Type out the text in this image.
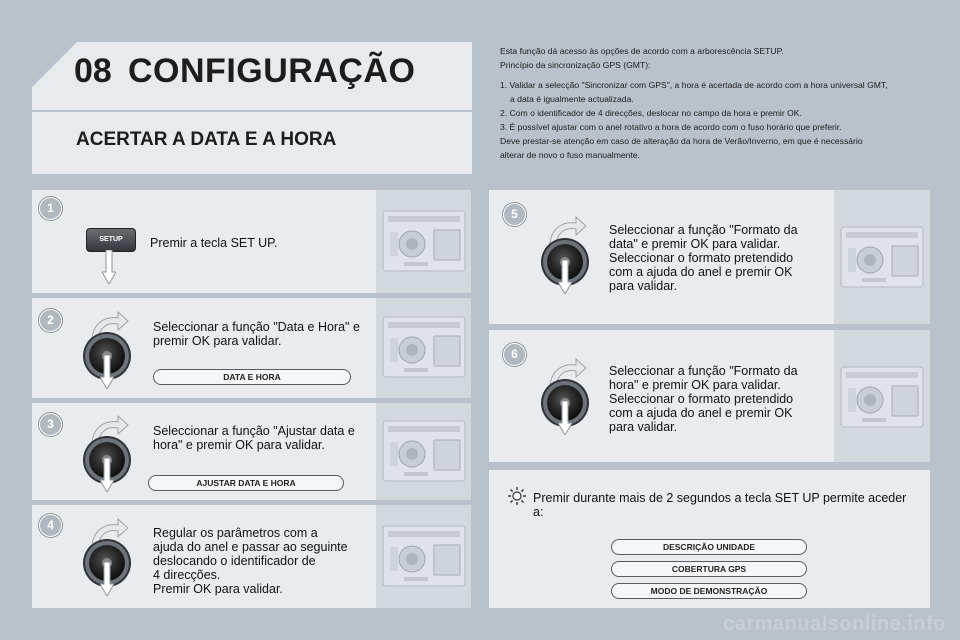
08 CONFIGURAÇÃO
ACERTAR A DATA E A HORA

Esta função dá acesso às opções de acordo com a arborescência SETUP.

Princípio da sincronização GPS (GMT):

1. Validar a selecção "Sincronizar com GPS", a hora é acertada de acordo com a hora universal GMT,

a data é igualmente actualizada.

2. Com o identificador de 4 direcções, deslocar no campo da hora e premir OK.

3. É possível ajustar com o anel rotativo a hora de acordo com o fuso horário que preferir.

Deve prestar-se atenção em caso de alteração da hora de Verão/Inverno, em que é necessário

alterar de novo o fuso manualmente.

1
SETUP	Premir a tecla SET UP.
2	Seleccionar a função "Data e Hora" e
premir OK para validar.
DATA E HORA
3	Seleccionar a função "Ajustar data e
hora" e premir OK para validar.
AJUSTAR DATA E HORA
4
Regular os parâmetros com a
ajuda do anel e passar ao seguinte
deslocando o identificador de
4 direcções.
Premir OK para validar.
5
Seleccionar a função "Formato da
data" e premir OK para validar.
Seleccionar o formato pretendido
com a ajuda do anel e premir OK
para validar.
6
Seleccionar a função "Formato da
hora" e premir OK para validar.
Seleccionar o formato pretendido
com a ajuda do anel e premir OK
para validar.
Premir durante mais de 2 segundos a tecla SET UP permite aceder
a:
DESCRIÇÃO UNIDADE
COBERTURA GPS
MODO DE DEMONSTRAÇÃO
carmanualsonline.info
